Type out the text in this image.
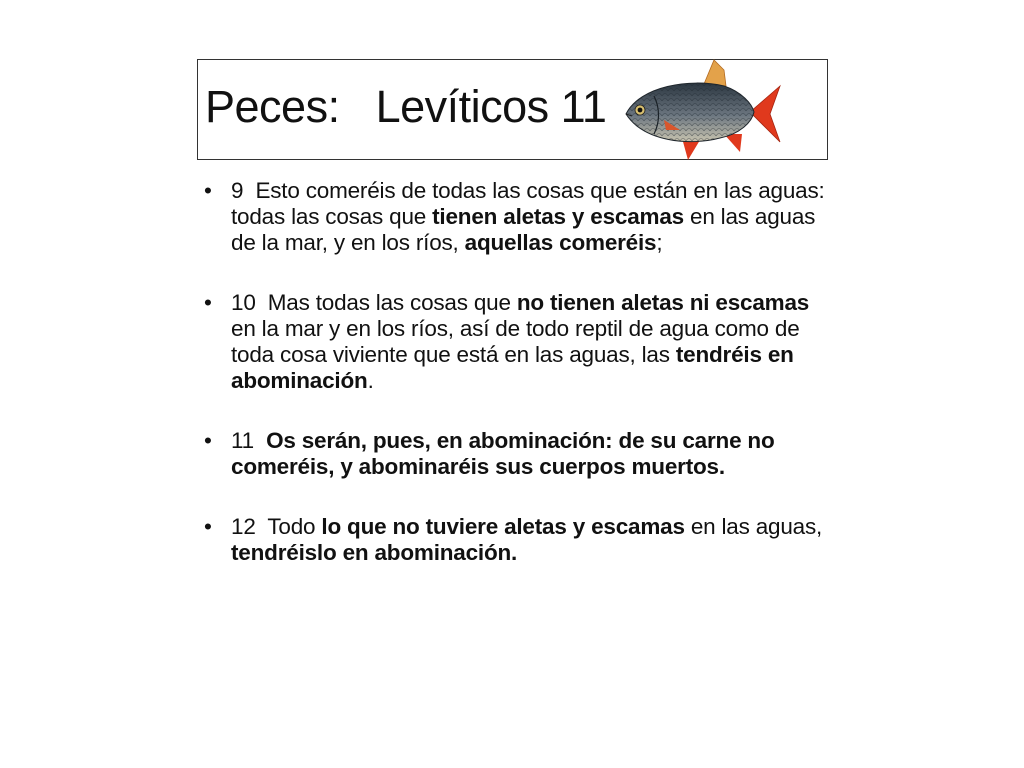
Peces:   Levíticos 11
• 9 Esto comeréis de todas las cosas que están en las aguas: todas las cosas que tienen aletas y escamas en las aguas de la mar, y en los ríos, aquellas comeréis;
• 10 Mas todas las cosas que no tienen aletas ni escamas en la mar y en los ríos, así de todo reptil de agua como de toda cosa viviente que está en las aguas, las tendréis en abominación.
• 11 Os serán, pues, en abominación: de su carne no comeréis, y abominaréis sus cuerpos muertos.
• 12 Todo lo que no tuviere aletas y escamas en las aguas, tendréislo en abominación.
